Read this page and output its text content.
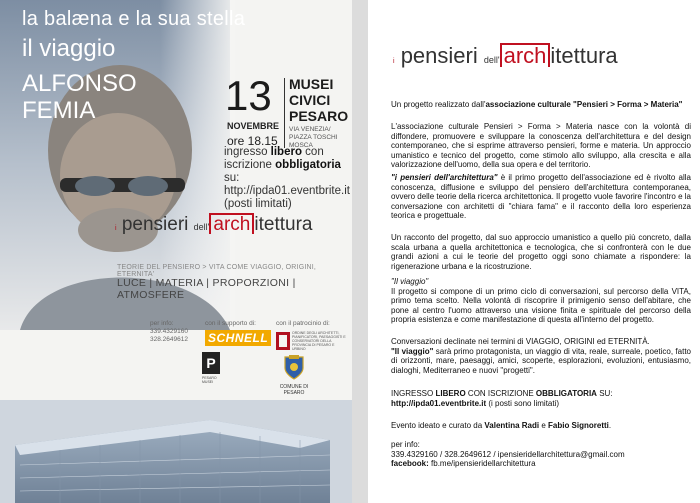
la balæna e la sua stella
il viaggio
ALFONSO
FEMIA	13
NOVEMBRE
ore 18.15
MUSEI
CIVICI
PESARO
VIA VENEZIA/ PIAZZA TOSCHI MOSCA
ingresso libero con iscrizione obbligatoria su:
http://ipda01.eventbrite.it
(posti limitati)
i pensieri dell' arch itettura
TEORIE DEL PENSIERO > VITA COME VIAGGIO, ORIGINI, ETERNITA'
LUCE | MATERIA | PROPORZIONI | ATMOSFERE
per info:
339.4329160
328.2649612
con il supporto di:	con il patrocinio di:
SCHNELL	ORDINE DEGLI ARCHITETTI, PIANIFICATORI, PAESAGGISTI E CONSERVATORI DELLA PROVINCIA DI PESARO E URBINO
P
PESARO MUSEI
COMUNE DI PESARO
i pensieri dell' arch itettura

Un progetto realizzato dall'associazione culturale "Pensieri > Forma > Materia"

L'associazione culturale Pensieri > Forma > Materia nasce con la volontà di diffondere, promuovere e sviluppare la conoscenza dell'architettura e del design contemporaneo, che si esprime attraverso pensieri, forme e materia. Un approccio umanistico e tecnico del progetto, come stimolo allo sviluppo, alla crescita e alla valorizzazione dell'uomo, della sua opera e del territorio.

"i pensieri dell'architettura" è il primo progetto dell'associazione ed è rivolto alla conoscenza, diffusione e sviluppo del pensiero dell'architettura contemporanea, ovvero delle teorie della ricerca architettonica. Il progetto vuole favorire l'incontro e la conversazione con architetti di "chiara fama" e il racconto della loro esperienza teorica e progettuale.

Un racconto del progetto, dal suo approccio umanistico a quello più concreto, dalla scala urbana a quella architettonica e tecnologica, che si confronterà con le due grandi azioni a cui le teorie del progetto oggi sono chiamate a rispondere: la rigenerazione urbana e la ricostruzione.

"Il viaggio"

Il progetto si compone di un primo ciclo di conversazioni, sul percorso della VITA, primo tema scelto. Nella volontà di riscoprire il primigenio senso dell'abitare, che pone al centro l'uomo attraverso una visione finita e spirituale del percorso della propria esistenza e come manifestazione di questa all'interno del progetto.

Conversazioni declinate nei termini di VIAGGIO, ORIGINI ed ETERNITÀ.

"Il viaggio" sarà primo protagonista, un viaggio di vita, reale, surreale, poetico, fatto di orizzonti, mare, paesaggi, amici, scoperte, esplorazioni, evoluzioni, entusiasmo, dialoghi, Mediterraneo e nuovi "progetti".

INGRESSO LIBERO CON ISCRIZIONE OBBLIGATORIA SU:

http://ipda01.eventbrite.it (i posti sono limitati)

Evento ideato e curato da Valentina Radi e Fabio Signoretti.

per info:

339.4329160 / 328.2649612 / ipensieridellarchitettura@gmail.com

facebook: fb.me/ipensieridellarchitettura
